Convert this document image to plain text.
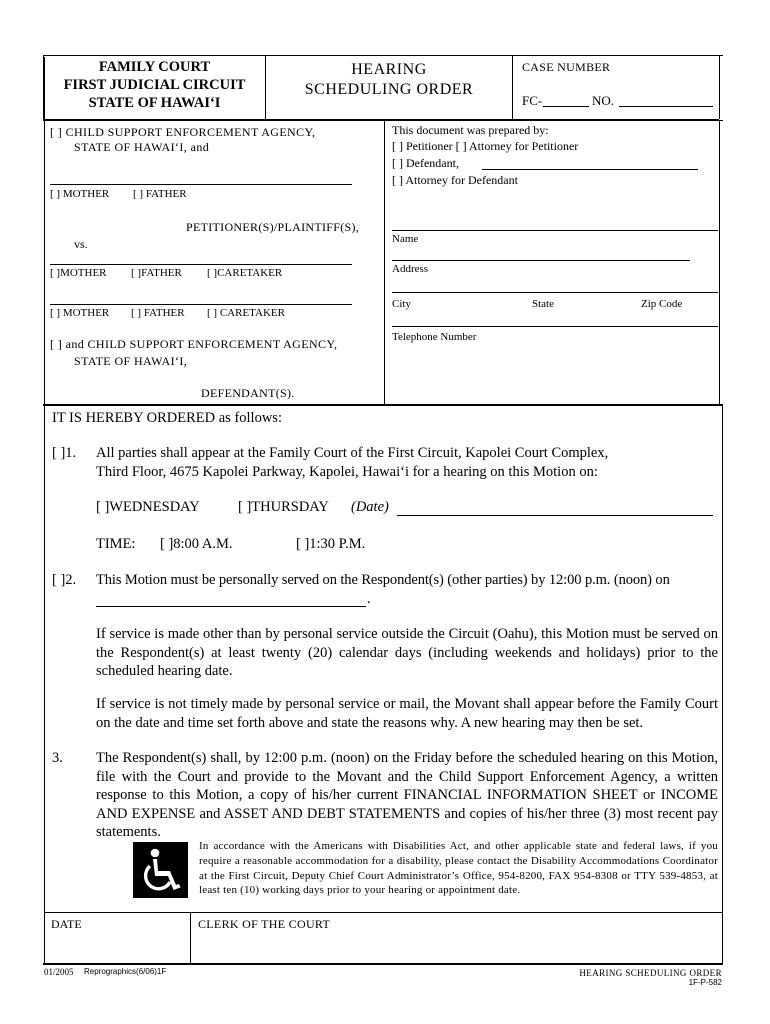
FAMILY COURT
FIRST JUDICIAL CIRCUIT
STATE OF HAWAI‘I
HEARING
SCHEDULING ORDER
CASE NUMBER
FC-	NO.
[ ] CHILD SUPPORT ENFORCEMENT AGENCY,
STATE OF HAWAI‘I, and
[ ] MOTHER [ ] FATHER
PETITIONER(S)/PLAINTIFF(S),
vs.
[ ]MOTHER [ ]FATHER [ ]CARETAKER
[ ] MOTHER [ ] FATHER [ ] CARETAKER
[ ] and CHILD SUPPORT ENFORCEMENT AGENCY,
STATE OF HAWAI‘I,
DEFENDANT(S).
This document was prepared by:
[ ] Petitioner [ ] Attorney for Petitioner
[ ] Defendant,
[ ] Attorney for Defendant
Name
Address
City	State	Zip Code
Telephone Number
IT IS HEREBY ORDERED as follows:
[ ]1. All parties shall appear at the Family Court of the First Circuit, Kapolei Court Complex,
Third Floor, 4675 Kapolei Parkway, Kapolei, Hawai‘i for a hearing on this Motion on:
[ ]WEDNESDAY	[ ]THURSDAY (Date)
TIME: [ ]8:00 A.M.	[ ]1:30 P.M.
[ ]2. This Motion must be personally served on the Respondent(s) (other parties) by 12:00 p.m. (noon) on
.
If service is made other than by personal service outside the Circuit (Oahu), this Motion must be served on the Respondent(s) at least twenty (20) calendar days (including weekends and holidays) prior to the scheduled hearing date.
If service is not timely made by personal service or mail, the Movant shall appear before the Family Court on the date and time set forth above and state the reasons why. A new hearing may then be set.
3. The Respondent(s) shall, by 12:00 p.m. (noon) on the Friday before the scheduled hearing on this Motion, file with the Court and provide to the Movant and the Child Support Enforcement Agency, a written response to this Motion, a copy of his/her current FINANCIAL INFORMATION SHEET or INCOME AND EXPENSE and ASSET AND DEBT STATEMENTS and copies of his/her three (3) most recent pay statements.
In accordance with the Americans with Disabilities Act, and other applicable state and federal laws, if you require a reasonable accommodation for a disability, please contact the Disability Accommodations Coordinator at the First Circuit, Deputy Chief Court Administrator’s Office, 954-8200, FAX 954-8308 or TTY 539-4853, at least ten (10) working days prior to your hearing or appointment date.
DATE	CLERK OF THE COURT
01/2005 Reprographics(6/06)1F	HEARING SCHEDULING ORDER
1F-P-582
